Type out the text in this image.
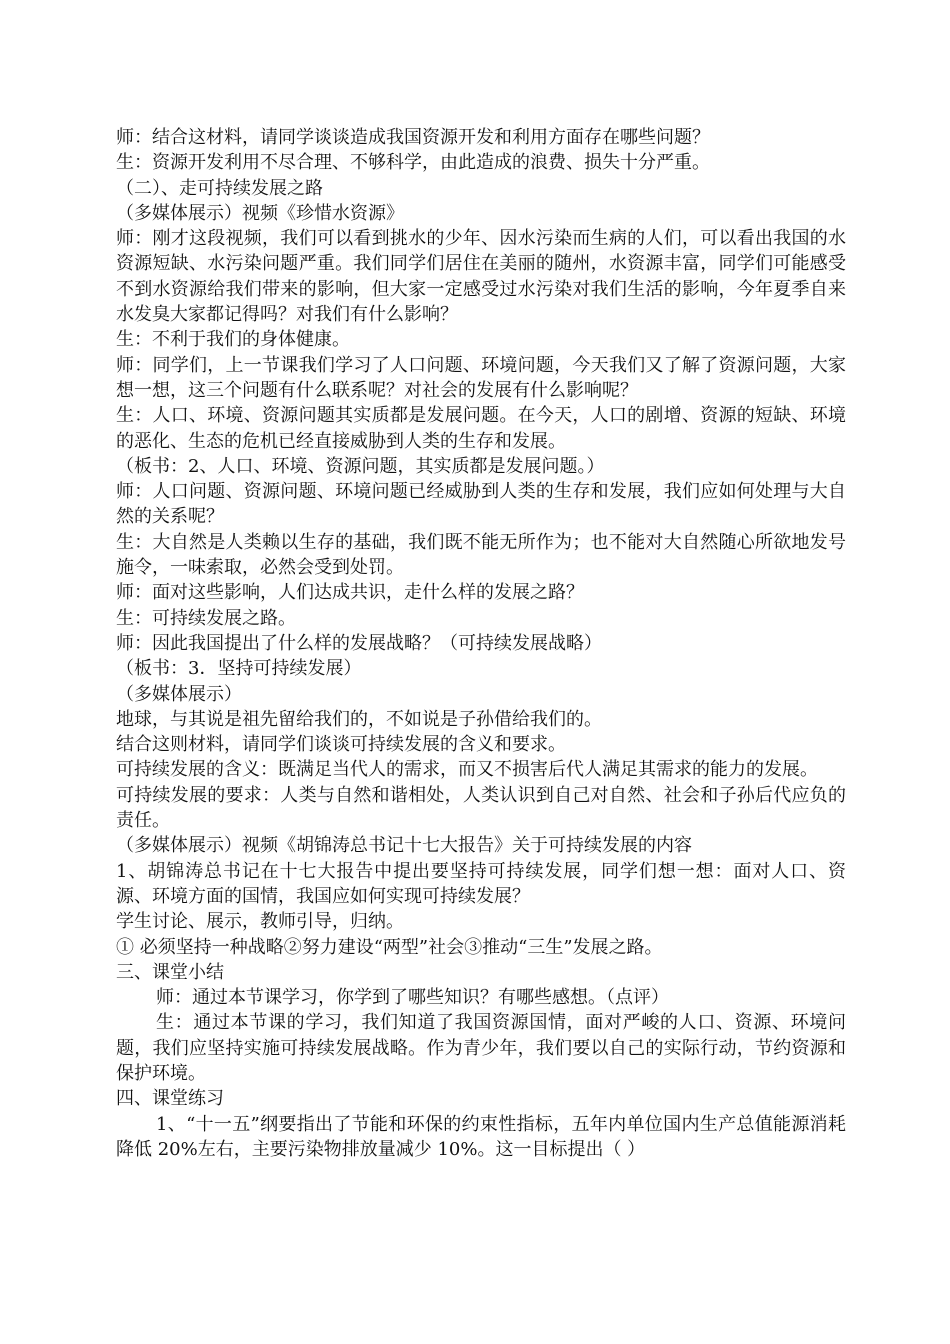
师：结合这材料，请同学谈谈造成我国资源开发和利用方面存在哪些问题？

生：资源开发利用不尽合理、不够科学，由此造成的浪费、损失十分严重。

（二）、走可持续发展之路

（多媒体展示）视频《珍惜水资源》

师：刚才这段视频，我们可以看到挑水的少年、因水污染而生病的人们，可以看出我国的水资源短缺、水污染问题严重。我们同学们居住在美丽的随州，水资源丰富，同学们可能感受不到水资源给我们带来的影响，但大家一定感受过水污染对我们生活的影响，今年夏季自来水发臭大家都记得吗？对我们有什么影响？

生：不利于我们的身体健康。

师：同学们，上一节课我们学习了人口问题、环境问题，今天我们又了解了资源问题，大家想一想，这三个问题有什么联系呢？对社会的发展有什么影响呢？

生：人口、环境、资源问题其实质都是发展问题。在今天，人口的剧增、资源的短缺、环境的恶化、生态的危机已经直接威胁到人类的生存和发展。

（板书：2、人口、环境、资源问题，其实质都是发展问题。）

师：人口问题、资源问题、环境问题已经威胁到人类的生存和发展，我们应如何处理与大自然的关系呢？

生：大自然是人类赖以生存的基础，我们既不能无所作为；也不能对大自然随心所欲地发号施令，一味索取，必然会受到处罚。

师：面对这些影响，人们达成共识，走什么样的发展之路？

生：可持续发展之路。

师：因此我国提出了什么样的发展战略？（可持续发展战略）

（板书：3．坚持可持续发展）

（多媒体展示）

地球，与其说是祖先留给我们的，不如说是子孙借给我们的。

结合这则材料，请同学们谈谈可持续发展的含义和要求。

可持续发展的含义：既满足当代人的需求，而又不损害后代人满足其需求的能力的发展。

可持续发展的要求：人类与自然和谐相处，人类认识到自己对自然、社会和子孙后代应负的责任。

（多媒体展示）视频《胡锦涛总书记十七大报告》关于可持续发展的内容

1、胡锦涛总书记在十七大报告中提出要坚持可持续发展，同学们想一想：面对人口、资源、环境方面的国情，我国应如何实现可持续发展？

学生讨论、展示，教师引导，归纳。

① 必须坚持一种战略②努力建设“两型”社会③推动“三生”发展之路。

三、课堂小结

师：通过本节课学习，你学到了哪些知识？有哪些感想。（点评）

生：通过本节课的学习，我们知道了我国资源国情，面对严峻的人口、资源、环境问题，我们应坚持实施可持续发展战略。作为青少年，我们要以自己的实际行动，节约资源和保护环境。

四、课堂练习

1、“十一五”纲要指出了节能和环保的约束性指标，五年内单位国内生产总值能源消耗降低 20%左右，主要污染物排放量减少 10%。这一目标提出（ ）
